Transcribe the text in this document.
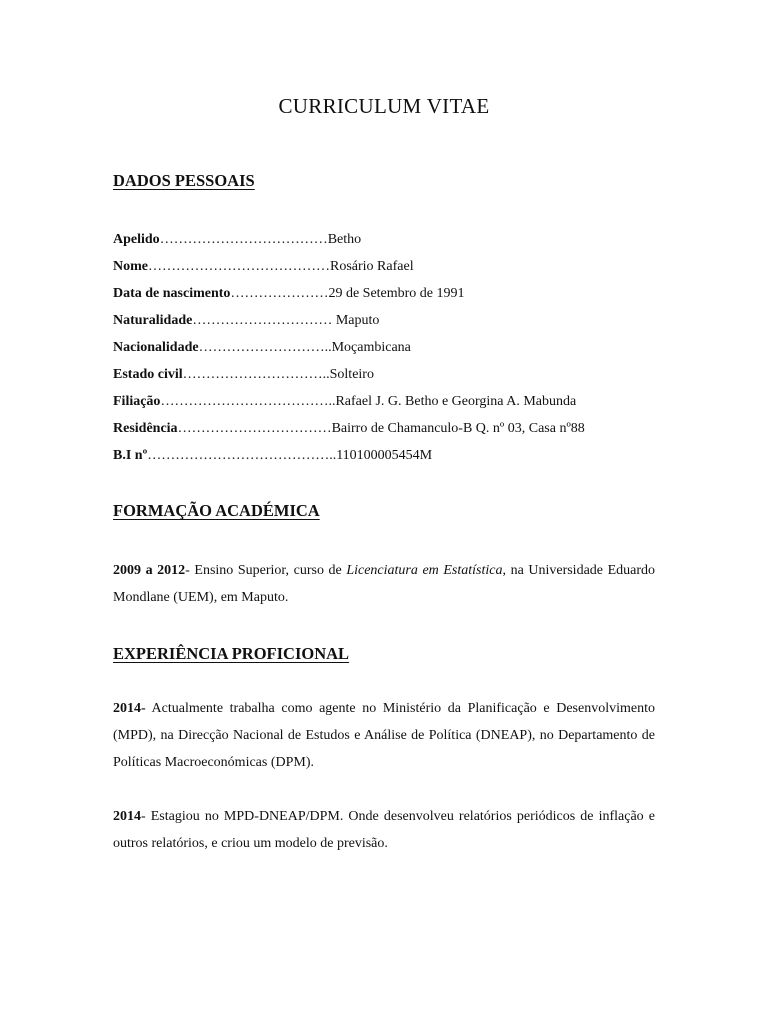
CURRICULUM VITAE
DADOS PESSOAIS
Apelido………………………………Betho
Nome…………………………………Rosário Rafael
Data de nascimento…………………29 de Setembro de 1991
Naturalidade………………………… Maputo
Nacionalidade………………………..Moçambicana
Estado civil…………………………..Solteiro
Filiação………………………………..Rafael J. G. Betho e Georgina A. Mabunda
Residência……………………………Bairro de Chamanculo-B Q. nº 03, Casa nº88
B.I nº…………………………………..110100005454M
FORMAÇÃO ACADÉMICA
2009 a 2012- Ensino Superior, curso de Licenciatura em Estatística, na Universidade Eduardo Mondlane (UEM), em Maputo.
EXPERIÊNCIA PROFICIONAL
2014- Actualmente trabalha como agente no Ministério da Planificação e Desenvolvimento (MPD), na Direcção Nacional de Estudos e Análise de Política (DNEAP), no Departamento de Políticas Macroeconómicas (DPM).
2014- Estagiou no MPD-DNEAP/DPM. Onde desenvolveu relatórios periódicos de inflação e outros relatórios, e criou um modelo de previsão.
